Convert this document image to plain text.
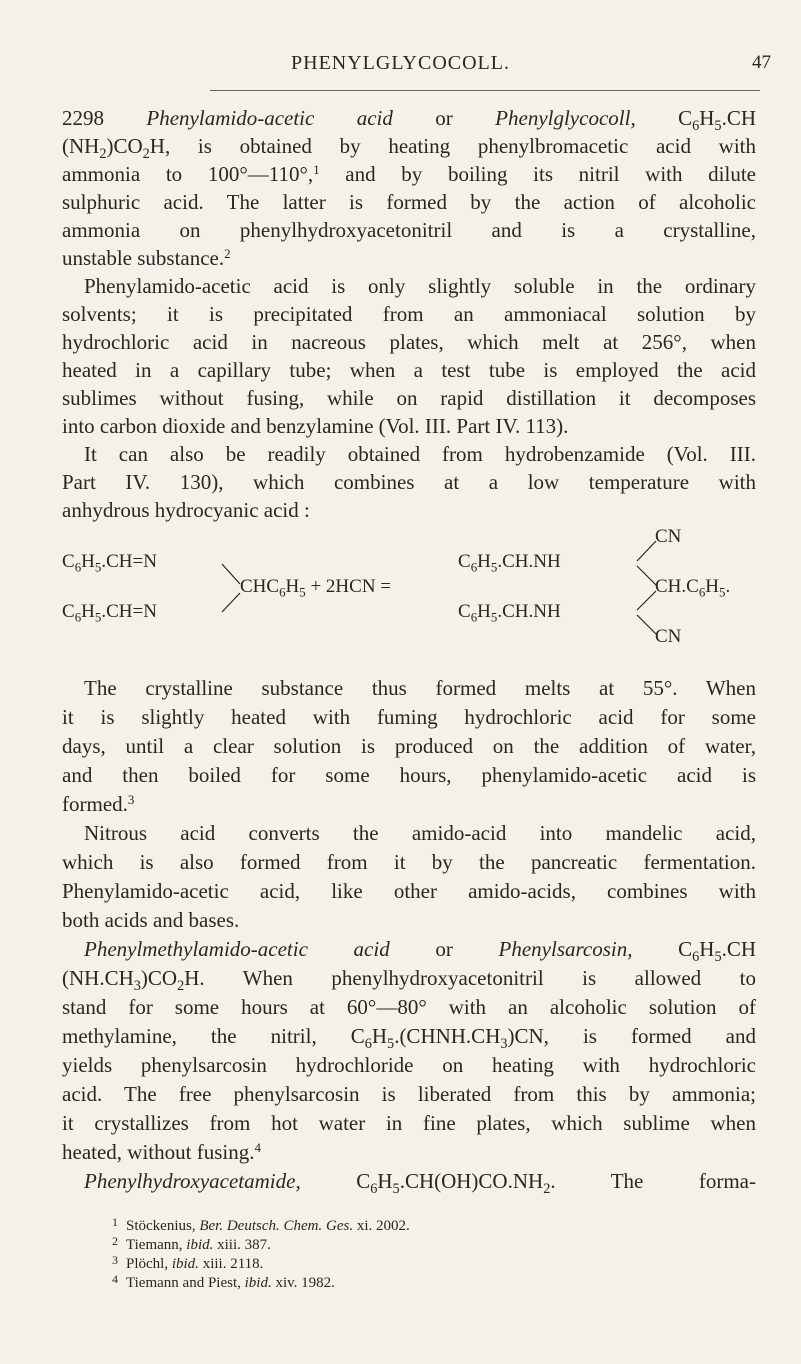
PHENYLGLYCOCOLL.	47
2298 Phenylamido-acetic acid or Phenylglycocoll, $C_6H_5.CH$
$(NH_2)CO_2H$, is obtained by heating phenylbromacetic acid with
ammonia to 100°—110°,$^1$ and by boiling its nitril with dilute
sulphuric acid. The latter is formed by the action of alcoholic
ammonia on phenylhydroxyacetonitril and is a crystalline,
unstable substance.$^2$
Phenylamido-acetic acid is only slightly soluble in the ordinary
solvents; it is precipitated from an ammoniacal solution by
hydrochloric acid in nacreous plates, which melt at 256°, when
heated in a capillary tube; when a test tube is employed the acid
sublimes without fusing, while on rapid distillation it decomposes
into carbon dioxide and benzylamine (Vol. III. Part IV. 113).
It can also be readily obtained from hydrobenzamide (Vol. III.
Part IV. 130), which combines at a low temperature with
anhydrous hydrocyanic acid :
$C_6H_5.CH=N$
$C_6H_5.CH=N$
$CHC_6H_5 + 2HCN$ =
$C_6H_5.CH.NH$
$C_6H_5.CH.NH$
CN
$CH.C_6H_5$.
CN
The crystalline substance thus formed melts at 55°. When
it is slightly heated with fuming hydrochloric acid for some
days, until a clear solution is produced on the addition of water,
and then boiled for some hours, phenylamido-acetic acid is
formed.$^3$
Nitrous acid converts the amido-acid into mandelic acid,
which is also formed from it by the pancreatic fermentation.
Phenylamido-acetic acid, like other amido-acids, combines with
both acids and bases.
Phenylmethylamido-acetic acid or Phenylsarcosin, $C_6H_5.CH$
$(NH.CH_3)CO_2H$. When phenylhydroxyacetonitril is allowed to
stand for some hours at 60°—80° with an alcoholic solution of
methylamine, the nitril, $C_6H_5.(CHNH.CH_3)CN$, is formed and
yields phenylsarcosin hydrochloride on heating with hydrochloric
acid. The free phenylsarcosin is liberated from this by ammonia;
it crystallizes from hot water in fine plates, which sublime when
heated, without fusing.$^4$
Phenylhydroxyacetamide, $C_6H_5.CH(OH)CO.NH_2$. The forma-
1 Stöckenius, Ber. Deutsch. Chem. Ges. xi. 2002.
2 Tiemann, ibid. xiii. 387.
3 Plöchl, ibid. xiii. 2118.
4 Tiemann and Piest, ibid. xiv. 1982.
